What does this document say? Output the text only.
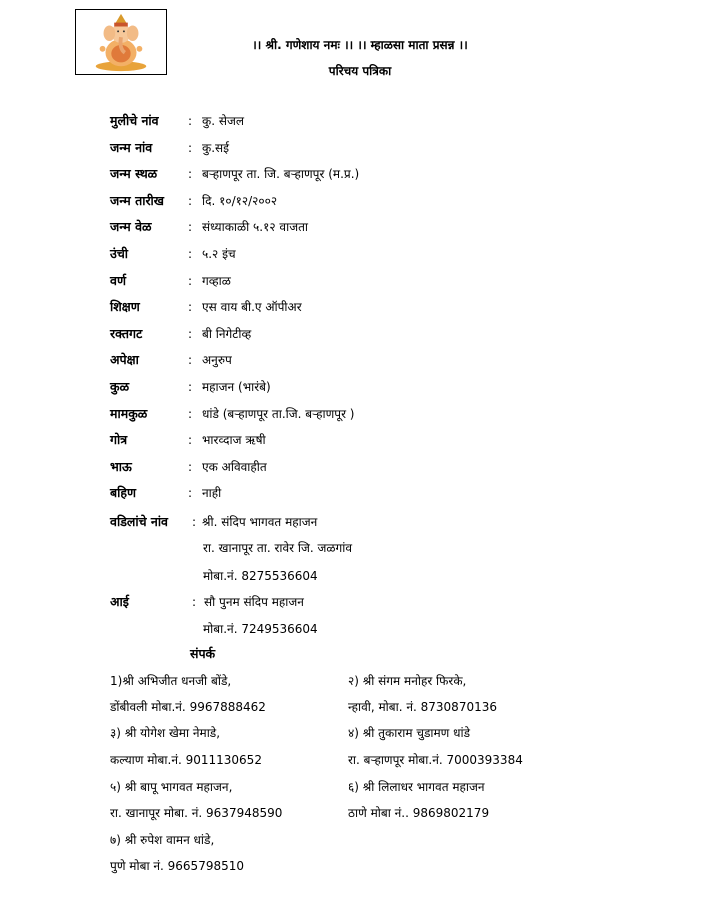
।। श्री. गणेशाय नमः ।। ।। म्हाळसा माता प्रसन्न ।।
परिचय पत्रिका
मुलीचे नांव : कु. सेजल
जन्म नांव	: कु.सई
जन्म स्थळ	: बऱ्हाणपूर ता. जि. बऱ्हाणपूर (म.प्र.)
जन्म तारीख : दि. १०/१२/२००२
जन्म वेळ	: संध्याकाळी ५.१२ वाजता
उंची	: ५.२ इंच
वर्ण	: गव्हाळ
शिक्षण	: एस वाय बी.ए ऑपीअर
रक्तगट	: बी निगेटीव्ह
अपेक्षा	: अनुरुप
कुळ	: महाजन (भारंबे)
मामकुळ	: धांडे (बऱ्हाणपूर ता.जि. बऱ्हाणपूर )
गोत्र	: भारव्दाज ऋषी
भाऊ	: एक अविवाहीत
बहिण	: नाही
वडिलांचे नांव : श्री. संदिप भागवत महाजन
रा. खानापूर ता. रावेर जि. जळगांव
मोबा.नं. 8275536604
आई	: सौ पुनम संदिप महाजन
मोबा.नं. 7249536604
संपर्क
1)श्री अभिजीत धनजी बोंडे,
डोंबीवली मोबा.नं. 9967888462
२) श्री संगम मनोहर फिरके,
न्हावी, मोबा. नं. 8730870136
३) श्री योगेश खेमा नेमाडे,
कल्याण मोबा.नं. 9011130652
४) श्री तुकाराम चुडामण धांडे
रा. बऱ्हाणपूर मोबा.नं. 7000393384
५) श्री बापू भागवत महाजन,
रा. खानापूर मोबा. नं. 9637948590
६) श्री लिलाधर भागवत महाजन
ठाणे मोबा नं.. 9869802179
७) श्री रुपेश वामन धांडे,
पुणे मोबा नं. 9665798510
